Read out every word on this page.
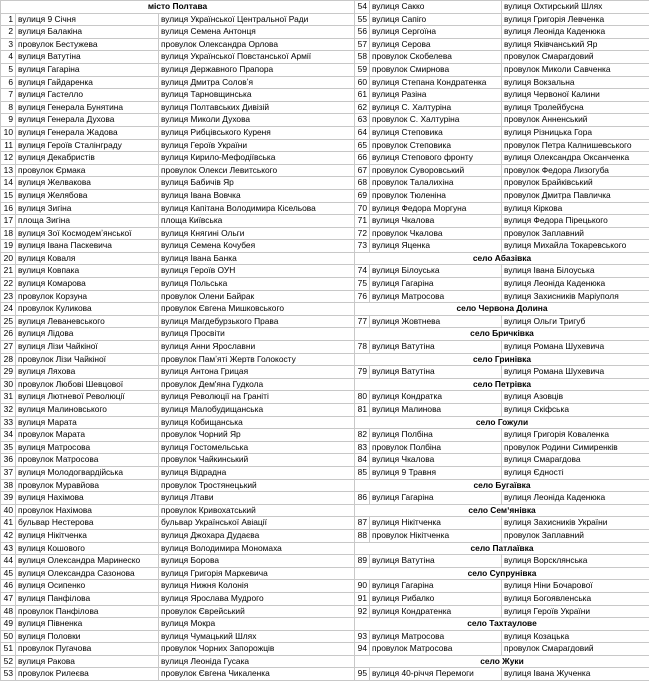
місто Полтава		
1	вулиця 9 Січня	вулиця Української Центральної Ради
2	вулиця Балакіна	вулиця Семена Антонця
3	провулок Бестужева	провулок Олександра Орлова
4	вулиця Ватутіна	вулиця Української Повстанської Армії
5	вулиця Гагаріна	вулиця Державного Прапора
6	вулиця Гайдаренка	вулиця Дмитра Соловʼя
7	вулиця Гастелло	вулиця Тарновщинська
8	вулиця Генерала Бунятина	вулиця Полтавських Дивізій
9	вулиця Генерала Духова	вулиця Миколи Духова
10	вулиця Генерала Жадова	вулиця Рибцівського Куреня
11	вулиця Героїв Сталінграду	вулиця Героїв України
12	вулиця Декабристів	вулиця Кирило-Мефодіївська
13	провулок Єрмака	провулок Олекси Левитського
14	вулиця Желваковa	вулиця Бабичів Яр
15	вулиця Желябова	вулиця Івана Вовчка
16	вулиця Зигіна	вулиця Капітана Володимира Кісельова
17	площа Зигіна	площа Київська
18	вулиця Зої Космодемʼянської	вулиця Княгині Ольги
19	вулиця Івана Паскевича	вулиця Семена Кочубея
20	вулиця Коваля	вулиця Івана Банка
21	вулиця Ковпака	вулиця Героїв ОУН
22	вулиця Комарова	вулиця Польська
23	провулок Корзуна	провулок Олени Байрак
24	провулок Куликова	провулок Євгена Мишковського
25	вулиця Леваневського	вулиця Магдебурзького Права
26	вулиця Лідова	вулиця Просвіти
27	вулиця Лізи Чайкіної	вулиця Анни Ярославни
28	провулок Лізи Чайкіної	провулок Памʼяті Жертв Голокосту
29	вулиця Ляхова	вулиця Антона Грицая
30	провулок Любові Шевцової	провулок Дем'яна Гудкола
31	вулиця Лютневої Революції	вулиця Революції на Граніті
32	вулиця Малиновського	вулиця Малобудищанська
33	вулиця Марата	вулиця Кобищанська
34	провулок Марата	провулок Чорний Яр
35	вулиця Матросова	вулиця Гостомельська
36	провулок Матросова	провулок Чайкинський
37	вулиця Молодогвардійська	вулиця Відрадна
38	провулок Муравйова	провулок Тростянецький
39	вулиця Нахімова	вулиця Лтави
40	провулок Нахімова	провулок Кривохатський
41	бульвар Нестерова	бульвар Української Авіації
42	вулиця Нікітченка	вулиця Джохара Дудаєва
43	вулиця Кошового	вулиця Володимира Мономаха
44	вулиця Олександра Маринеско	вулиця Борова
45	вулиця Олександра Сазонова	вулиця Григорія Маркевича
46	вулиця Осипенко	вулиця Нижня Колонія
47	вулиця Панфілова	вулиця Ярослава Мудрого
48	провулок Панфілова	провулок Єврейський
49	вулиця Півненка	вулиця Мокра
50	вулиця Половки	вулиця Чумацький Шлях
51	провулок Пугачова	провулок Чорних Запорожців
52	вулиця Ракова	вулиця Леоніда Гусака
53	провулок Рилеєва	провулок Євгена Чикаленка
54	вулиця Сакко	вулиця Охтирський Шлях
55	вулиця Сапіго	вулиця Григорія Левченка
56	вулиця Сергоїна	вулиця Леоніда Каденюка
57	вулиця Серова	вулиця Яківчанський Яр
58	провулок Скобелева	провулок Смарагдовий
59	провулок Смирнова	провулок Миколи Савченка
60	вулиця Степана Кондратенка	вулиця Вокзальна
61	вулиця Разіна	вулиця Червоної Калини
62	вулиця С. Халтуріна	вулиця Тролейбусна
63	провулок С. Халтуріна	провулок Анненський
64	вулиця Степовика	вулиця Різницька Гора
65	провулок Степовика	провулок Петра Калнишевського
66	вулиця Степового фронту	вулиця Олександра Оксанченка
67	провулок Суворовський	провулок Федора Лизогуба
68	провулок Талалихіна	провулок Брайківський
69	провулок Тюленіна	провулок Дмитра Павличка
70	вулиця Федора Моргуна	вулиця Кіркова
71	вулиця Чкалова	вулиця Федора Пірецького
72	провулок Чкалова	провулок Заплавний
73	вулиця Яценка	вулиця Михайла Токаревського
село Абазівка		
74	вулиця Білоуська	вулиця Івана Білоуська
75	вулиця Гагаріна	вулиця Леоніда Каденюка
76	вулиця Матросова	вулиця Захисників Маріуполя
село Червона Долина		
77	вулиця Жовтнева	вулиця Ольги Тригуб
село Бричківка		
78	вулиця Ватутіна	вулиця Романа Шухевича
село Гринівка		
79	вулиця Ватутіна	вулиця Романа Шухевича
село Петрівка		
80	вулиця Кондратка	вулиця Азовців
81	вулиця Малинова	вулиця Скіфська
село Гожули		
82	вулиця Полбіна	вулиця Григорія Коваленка
83	провулок Полбіна	провулок Родини Симиренків
84	вулиця Чкалова	вулиця Смарагдова
85	вулиця 9 Травня	вулиця Єдності
село Бугаївка		
86	вулиця Гагаріна	вулиця Леоніда Каденюка
село Семʼянівка		
87	вулиця Нікітченка	вулиця Захисників України
88	провулок Нікітченка	провулок Заплавний
село Патлаївка		
89	вулиця Ватутіна	вулиця Ворсклянська
село Супрунівка		
90	вулиця Гагаріна	вулиця Ніни Бочарової
91	вулиця Рибалко	вулиця Богоявленська
92	вулиця Кондратенка	вулиця Героїв України
село Тахтаулове		
93	вулиця Матросова	вулиця Козацька
94	провулок Матросова	провулок Смарагдовий
село Жуки		
95	вулиця 40-річчя Перемоги	вулиця Івана Жученка
